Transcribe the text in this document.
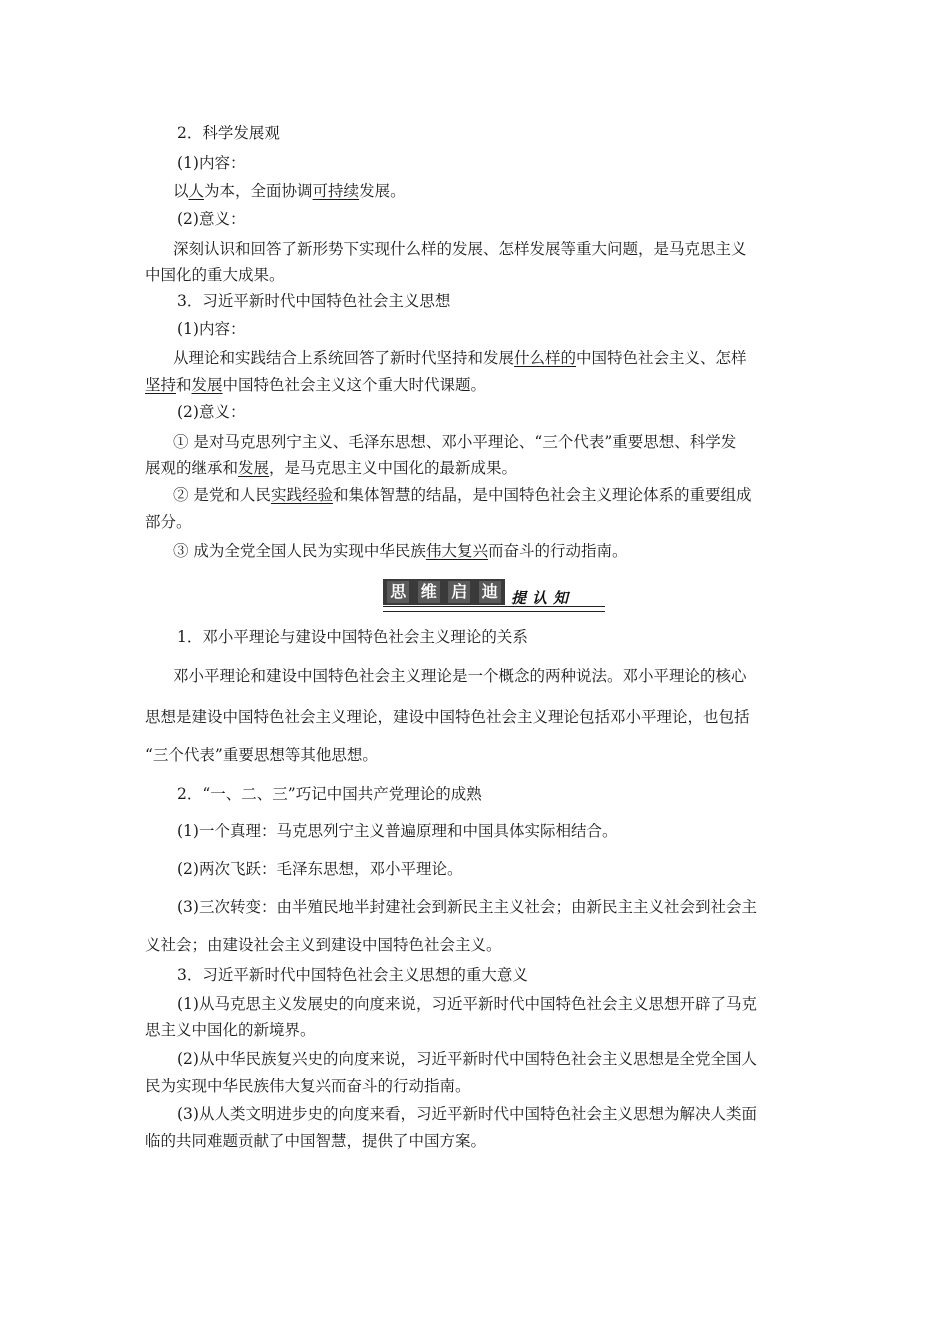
2．科学发展观
(1)内容：
以人为本，全面协调可持续发展。
(2)意义：
深刻认识和回答了新形势下实现什么样的发展、怎样发展等重大问题，是马克思主义
中国化的重大成果。
3．习近平新时代中国特色社会主义思想
(1)内容：
从理论和实践结合上系统回答了新时代坚持和发展什么样的中国特色社会主义、怎样
坚持和发展中国特色社会主义这个重大时代课题。
(2)意义：
① 是对马克思列宁主义、毛泽东思想、邓小平理论、“三个代表”重要思想、科学发
展观的继承和发展，是马克思主义中国化的最新成果。
② 是党和人民实践经验和集体智慧的结晶，是中国特色社会主义理论体系的重要组成
部分。
③ 成为全党全国人民为实现中华民族伟大复兴而奋斗的行动指南。
思 维 启 迪 提认知
1．邓小平理论与建设中国特色社会主义理论的关系
邓小平理论和建设中国特色社会主义理论是一个概念的两种说法。邓小平理论的核心
思想是建设中国特色社会主义理论，建设中国特色社会主义理论包括邓小平理论，也包括
“三个代表”重要思想等其他思想。
2．“一、二、三”巧记中国共产党理论的成熟
(1)一个真理：马克思列宁主义普遍原理和中国具体实际相结合。
(2)两次飞跃：毛泽东思想，邓小平理论。
(3)三次转变：由半殖民地半封建社会到新民主主义社会；由新民主主义社会到社会主
义社会；由建设社会主义到建设中国特色社会主义。
3．习近平新时代中国特色社会主义思想的重大意义
(1)从马克思主义发展史的向度来说，习近平新时代中国特色社会主义思想开辟了马克
思主义中国化的新境界。
(2)从中华民族复兴史的向度来说，习近平新时代中国特色社会主义思想是全党全国人
民为实现中华民族伟大复兴而奋斗的行动指南。
(3)从人类文明进步史的向度来看，习近平新时代中国特色社会主义思想为解决人类面
临的共同难题贡献了中国智慧，提供了中国方案。
